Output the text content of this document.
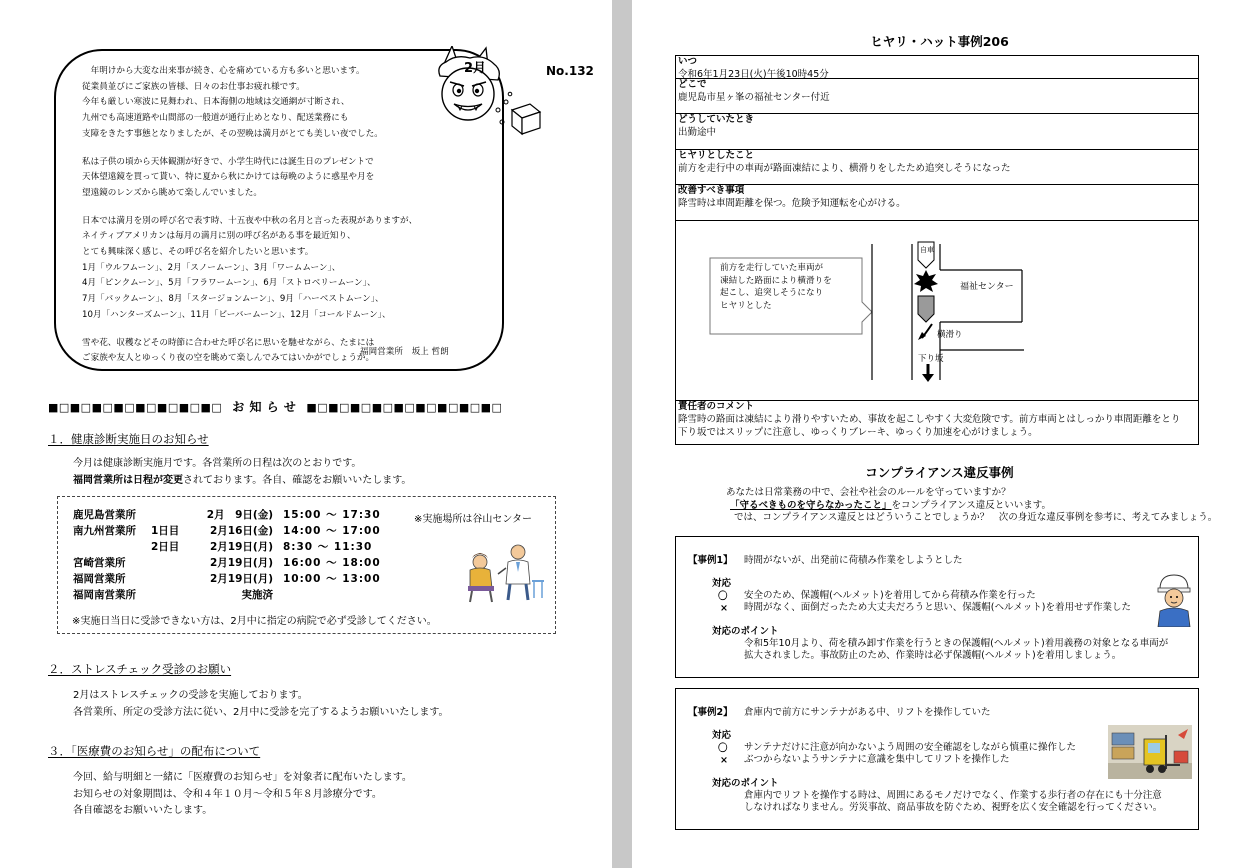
　年明けから大変な出来事が続き、心を痛めている方も多いと思います。

従業員並びにご家族の皆様、日々のお仕事お疲れ様です。

今年も厳しい寒波に見舞われ、日本海側の地域は交通網が寸断され、

九州でも高速道路や山間部の一般道が通行止めとなり、配送業務にも

支障をきたす事態となりましたが、その翌晩は満月がとても美しい夜でした。

私は子供の頃から天体観測が好きで、小学生時代には誕生日のプレゼントで

天体望遠鏡を買って貰い、特に夏から秋にかけては毎晩のように惑星や月を

望遠鏡のレンズから眺めて楽しんでいました。

日本では満月を別の呼び名で表す時、十五夜や中秋の名月と言った表現がありますが、

ネイティブアメリカンは毎月の満月に別の呼び名がある事を最近知り、

とても興味深く感じ、その呼び名を紹介したいと思います。

1月「ウルフムーン」、2月「スノームーン」、3月「ワームムーン」、

4月「ピンクムーン」、5月「フラワームーン」、6月「ストロベリームーン」、

7月「バックムーン」、8月「スタージョンムーン」、9月「ハーベストムーン」、

10月「ハンターズムーン」、11月「ビーバームーン」、12月「コールドムーン」、

雪や花、収穫などその時節に合わせた呼び名に思いを馳せながら、たまには

ご家族や友人とゆっくり夜の空を眺めて楽しんでみてはいかがでしょうか。

福岡営業所　坂上 哲朗
No.132
2月
■□■□■□■□■□■□■□■□ お 知 ら せ ■□■□■□■□■□■□■□■□■□
１．健康診断実施日のお知らせ
今月は健康診断実施月です。各営業所の日程は次のとおりです。
福岡営業所は日程が変更されております。各自、確認をお願いいたします。
鹿児島営業所		2月　9日(金)	15:00 ～ 17:30
南九州営業所	1日目	2月16日(金)	14:00 ～ 17:00
	2日目	2月19日(月)	8:30 ～ 11:30
宮崎営業所		2月19日(月)	16:00 ～ 18:00
福岡営業所		2月19日(月)	10:00 ～ 13:00
福岡南営業所		実施済	
※実施場所は谷山センター
※実施日当日に受診できない方は、2月中に指定の病院で必ず受診してください。
２．ストレスチェック受診のお願い
2月はストレスチェックの受診を実施しております。
各営業所、所定の受診方法に従い、2月中に受診を完了するようお願いいたします。
３．「医療費のお知らせ」の配布について
今回、給与明細と一緒に「医療費のお知らせ」を対象者に配布いたします。
お知らせの対象期間は、令和４年１０月～令和５年８月診療分です。
各自確認をお願いいたします。
ヒヤリ・ハット事例206
いつ
令和6年1月23日(火)午後10時45分
どこで
鹿児島市星ヶ峯の福祉センター付近
どうしていたとき
出勤途中
ヒヤリとしたこと
前方を走行中の車両が路面凍結により、横滑りをしたため追突しそうになった
改善すべき事項
降雪時は車間距離を保つ。危険予知運転を心がける。
責任者のコメント
降雪時の路面は凍結により滑りやすいため、事故を起こしやすく大変危険です。前方車両とはしっかり車間距離をとり
下り坂ではスリップに注意し、ゆっくりブレーキ、ゆっくり加速を心がけましょう。
前方を走行していた車両が
凍結した路面により横滑りを
起こし、追突しそうになり
ヒヤリとした
自車
福祉センター
横滑り
下り坂
コンプライアンス違反事例
あなたは日常業務の中で、会社や社会のルールを守っていますか？
「守るべきものを守らなかったこと」をコンプライアンス違反といいます。
では、コンプライアンス違反とはどういうことでしょうか？　次の身近な違反事例を参考に、考えてみましょう。
【事例1】 時間がないが、出発前に荷積み作業をしようとした
対応
〇 安全のため、保護帽(ヘルメット)を着用してから荷積み作業を行った
× 時間がなく、面倒だったため大丈夫だろうと思い、保護帽(ヘルメット)を着用せず作業した
対応のポイント
令和5年10月より、荷を積み卸す作業を行うときの保護帽(ヘルメット)着用義務の対象となる車両が
拡大されました。事故防止のため、作業時は必ず保護帽(ヘルメット)を着用しましょう。
【事例2】 倉庫内で前方にサンテナがある中、リフトを操作していた
対応
〇 サンテナだけに注意が向かないよう周囲の安全確認をしながら慎重に操作した
× ぶつからないようサンテナに意識を集中してリフトを操作した
対応のポイント
倉庫内でリフトを操作する時は、周囲にあるモノだけでなく、作業する歩行者の存在にも十分注意
しなければなりません。労災事故、商品事故を防ぐため、視野を広く安全確認を行ってください。
